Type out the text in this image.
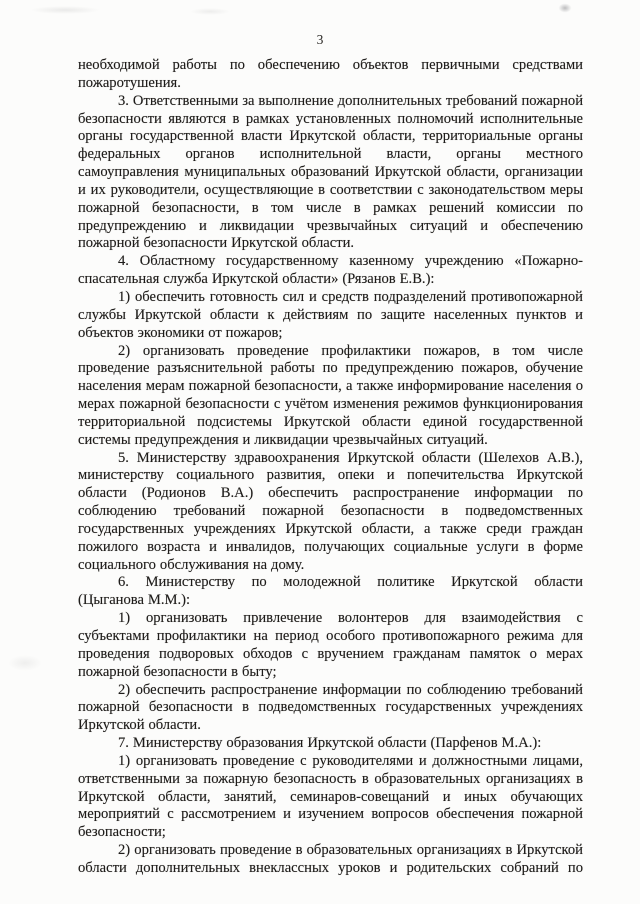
3

необходимой работы по обеспечению объектов первичными средствами
пожаротушения.

3. Ответственными за выполнение дополнительных требований пожарной
безопасности являются в рамках установленных полномочий исполнительные
органы государственной власти Иркутской области, территориальные органы
федеральных органов исполнительной власти, органы местного
самоуправления муниципальных образований Иркутской области, организации
и их руководители, осуществляющие в соответствии с законодательством меры
пожарной безопасности, в том числе в рамках решений комиссии по
предупреждению и ликвидации чрезвычайных ситуаций и обеспечению
пожарной безопасности Иркутской области.

4. Областному государственному казенному учреждению «Пожарно-
спасательная служба Иркутской области» (Рязанов Е.В.):

1) обеспечить готовность сил и средств подразделений противопожарной
службы Иркутской области к действиям по защите населенных пунктов и
объектов экономики от пожаров;

2) организовать проведение профилактики пожаров, в том числе
проведение разъяснительной работы по предупреждению пожаров, обучение
населения мерам пожарной безопасности, а также информирование населения о
мерах пожарной безопасности с учётом изменения режимов функционирования
территориальной подсистемы Иркутской области единой государственной
системы предупреждения и ликвидации чрезвычайных ситуаций.

5. Министерству здравоохранения Иркутской области (Шелехов А.В.),
министерству социального развития, опеки и попечительства Иркутской
области (Родионов В.А.) обеспечить распространение информации по
соблюдению требований пожарной безопасности в подведомственных
государственных учреждениях Иркутской области, а также среди граждан
пожилого возраста и инвалидов, получающих социальные услуги в форме
социального обслуживания на дому.

6. Министерству по молодежной политике Иркутской области
(Цыганова М.М.):

1) организовать привлечение волонтеров для взаимодействия с
субъектами профилактики на период особого противопожарного режима для
проведения подворовых обходов с вручением гражданам памяток о мерах
пожарной безопасности в быту;

2) обеспечить распространение информации по соблюдению требований
пожарной безопасности в подведомственных государственных учреждениях
Иркутской области.

7. Министерству образования Иркутской области (Парфенов М.А.):

1) организовать проведение с руководителями и должностными лицами,
ответственными за пожарную безопасность в образовательных организациях в
Иркутской области, занятий, семинаров-совещаний и иных обучающих
мероприятий с рассмотрением и изучением вопросов обеспечения пожарной
безопасности;

2) организовать проведение в образовательных организациях в Иркутской
области дополнительных внеклассных уроков и родительских собраний по
